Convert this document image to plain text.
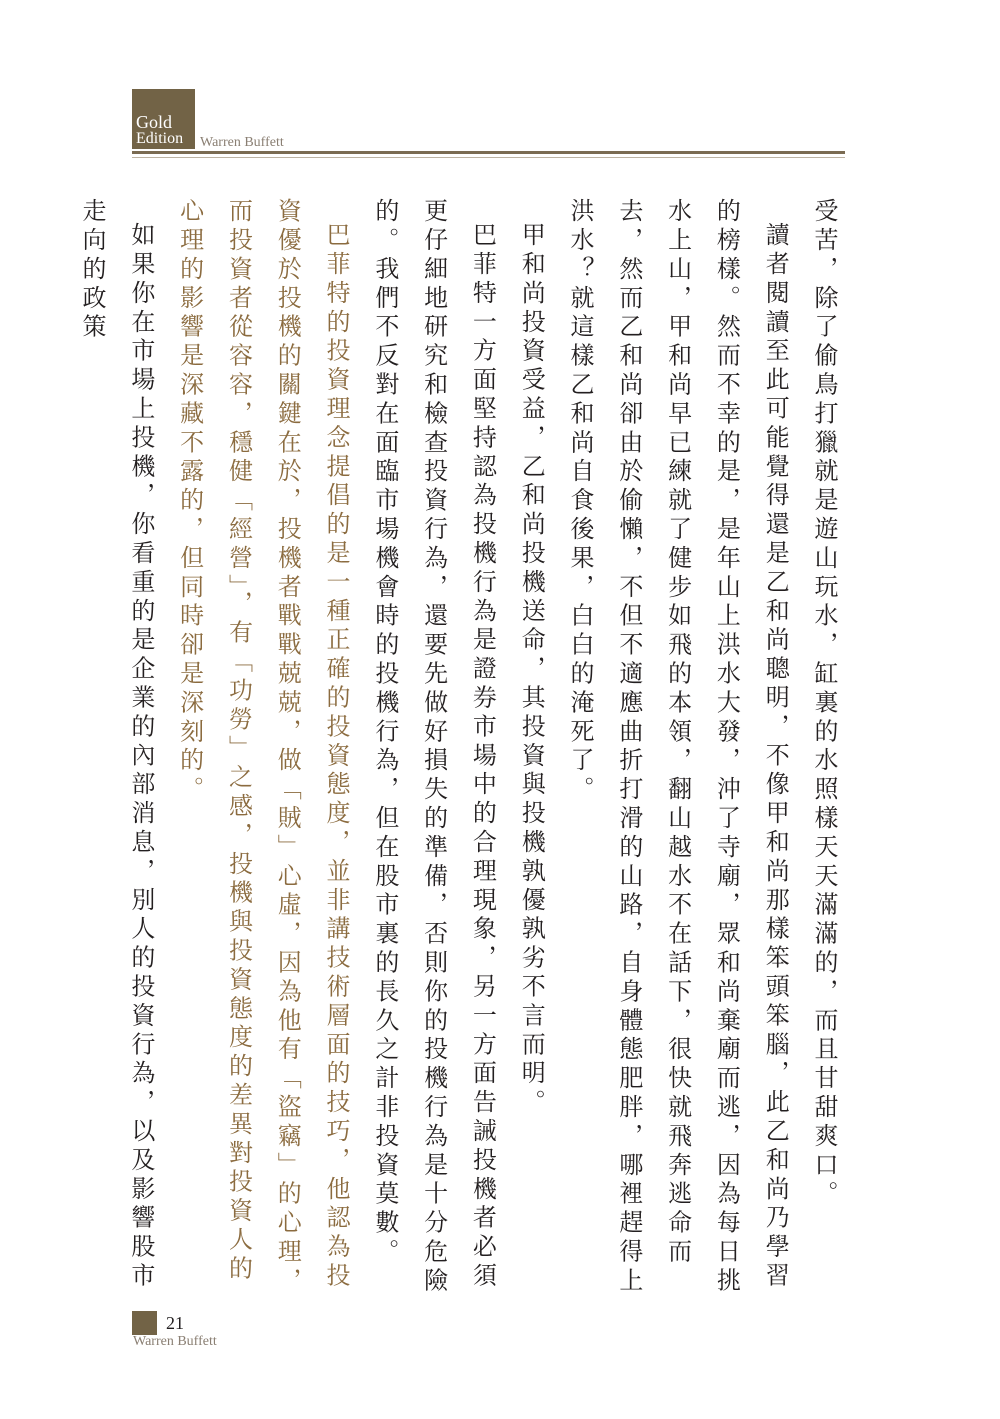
Gold
Edition Warren Buffett

受苦，除了偷鳥打獵就是遊山玩水，缸裏的水照樣天天滿滿的，而且甘甜爽口。

讀者閱讀至此可能覺得還是乙和尚聰明，不像甲和尚那樣笨頭笨腦，此乙和尚乃學習的榜樣。然而不幸的是，是年山上洪水大發，沖了寺廟，眾和尚棄廟而逃，因為每日挑水上山，甲和尚早已練就了健步如飛的本領，翻山越水不在話下，很快就飛奔逃命而去，然而乙和尚卻由於偷懶，不但不適應曲折打滑的山路，自身體態肥胖，哪裡趕得上洪水？就這樣乙和尚自食後果，白白的淹死了。

甲和尚投資受益，乙和尚投機送命，其投資與投機孰優孰劣不言而明。

巴菲特一方面堅持認為投機行為是證券市場中的合理現象，另一方面告誡投機者必須更仔細地研究和檢查投資行為，還要先做好損失的準備，否則你的投機行為是十分危險的。我們不反對在面臨市場機會時的投機行為，但在股市裏的長久之計非投資莫數。

巴菲特的投資理念提倡的是一種正確的投資態度，並非講技術層面的技巧，他認為投資優於投機的關鍵在於，投機者戰戰兢兢，做「賊」心虛，因為他有「盜竊」的心理，而投資者從容容，穩健「經營」，有「功勞」之感，投機與投資態度的差異對投資人的心理的影響是深藏不露的，但同時卻是深刻的。

如果你在市場上投機，你看重的是企業的內部消息，別人的投資行為，以及影響股市走向的政策

21
Warren Buffett
